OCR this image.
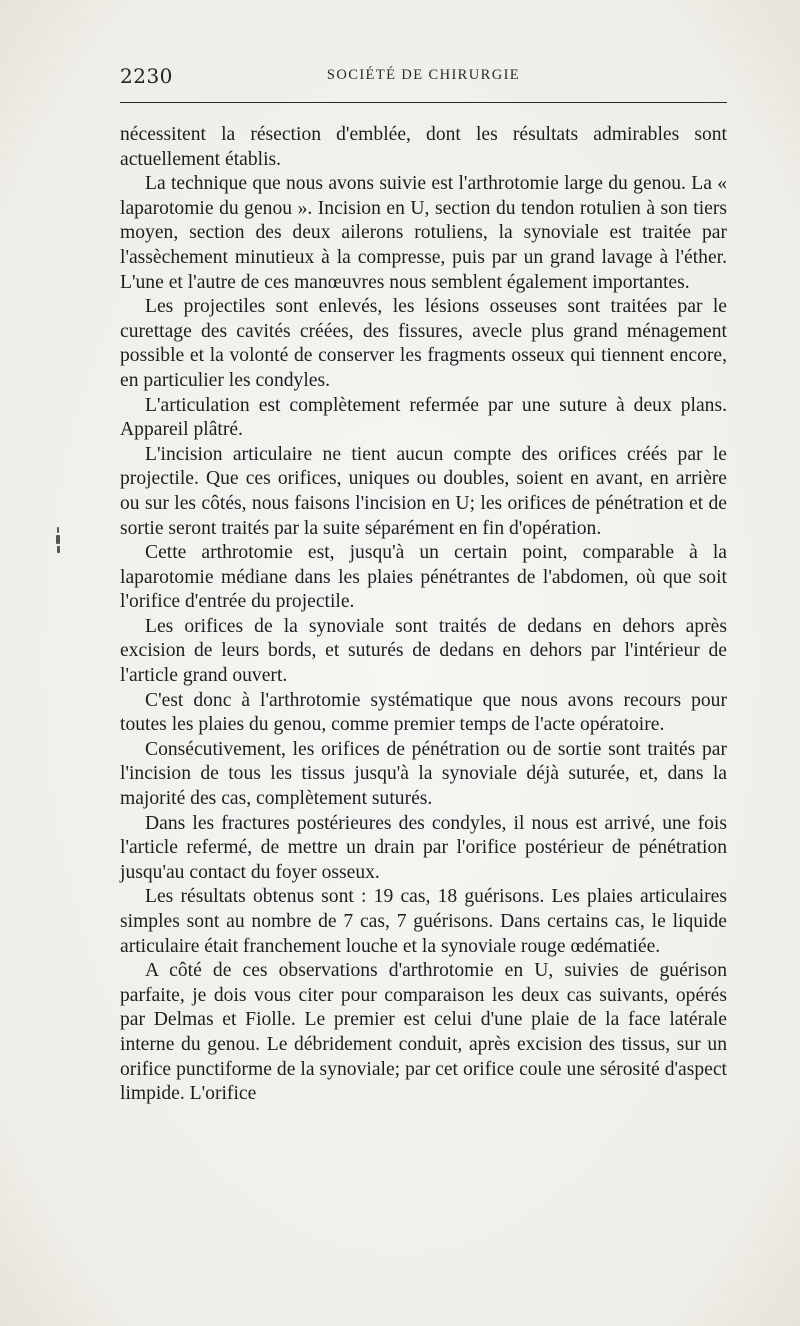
2230	SOCIÉTÉ DE CHIRURGIE

nécessitent la résection d'emblée, dont les résultats admirables sont actuellement établis.

La technique que nous avons suivie est l'arthrotomie large du genou. La « laparotomie du genou ». Incision en U, section du tendon rotulien à son tiers moyen, section des deux ailerons rotuliens, la synoviale est traitée par l'assèchement minutieux à la compresse, puis par un grand lavage à l'éther. L'une et l'autre de ces manœuvres nous semblent également importantes.

Les projectiles sont enlevés, les lésions osseuses sont traitées par le curettage des cavités créées, des fissures, avecle plus grand ménagement possible et la volonté de conserver les fragments osseux qui tiennent encore, en particulier les condyles.

L'articulation est complètement refermée par une suture à deux plans. Appareil plâtré.

L'incision articulaire ne tient aucun compte des orifices créés par le projectile. Que ces orifices, uniques ou doubles, soient en avant, en arrière ou sur les côtés, nous faisons l'incision en U; les orifices de pénétration et de sortie seront traités par la suite séparément en fin d'opération.

Cette arthrotomie est, jusqu'à un certain point, comparable à la laparotomie médiane dans les plaies pénétrantes de l'abdomen, où que soit l'orifice d'entrée du projectile.

Les orifices de la synoviale sont traités de dedans en dehors après excision de leurs bords, et suturés de dedans en dehors par l'intérieur de l'article grand ouvert.

C'est donc à l'arthrotomie systématique que nous avons recours pour toutes les plaies du genou, comme premier temps de l'acte opératoire.

Consécutivement, les orifices de pénétration ou de sortie sont traités par l'incision de tous les tissus jusqu'à la synoviale déjà suturée, et, dans la majorité des cas, complètement suturés.

Dans les fractures postérieures des condyles, il nous est arrivé, une fois l'article refermé, de mettre un drain par l'orifice postérieur de pénétration jusqu'au contact du foyer osseux.

Les résultats obtenus sont : 19 cas, 18 guérisons. Les plaies articulaires simples sont au nombre de 7 cas, 7 guérisons. Dans certains cas, le liquide articulaire était franchement louche et la synoviale rouge œdématiée.

A côté de ces observations d'arthrotomie en U, suivies de guérison parfaite, je dois vous citer pour comparaison les deux cas suivants, opérés par Delmas et Fiolle. Le premier est celui d'une plaie de la face latérale interne du genou. Le débridement conduit, après excision des tissus, sur un orifice punctiforme de la synoviale; par cet orifice coule une sérosité d'aspect limpide. L'orifice
